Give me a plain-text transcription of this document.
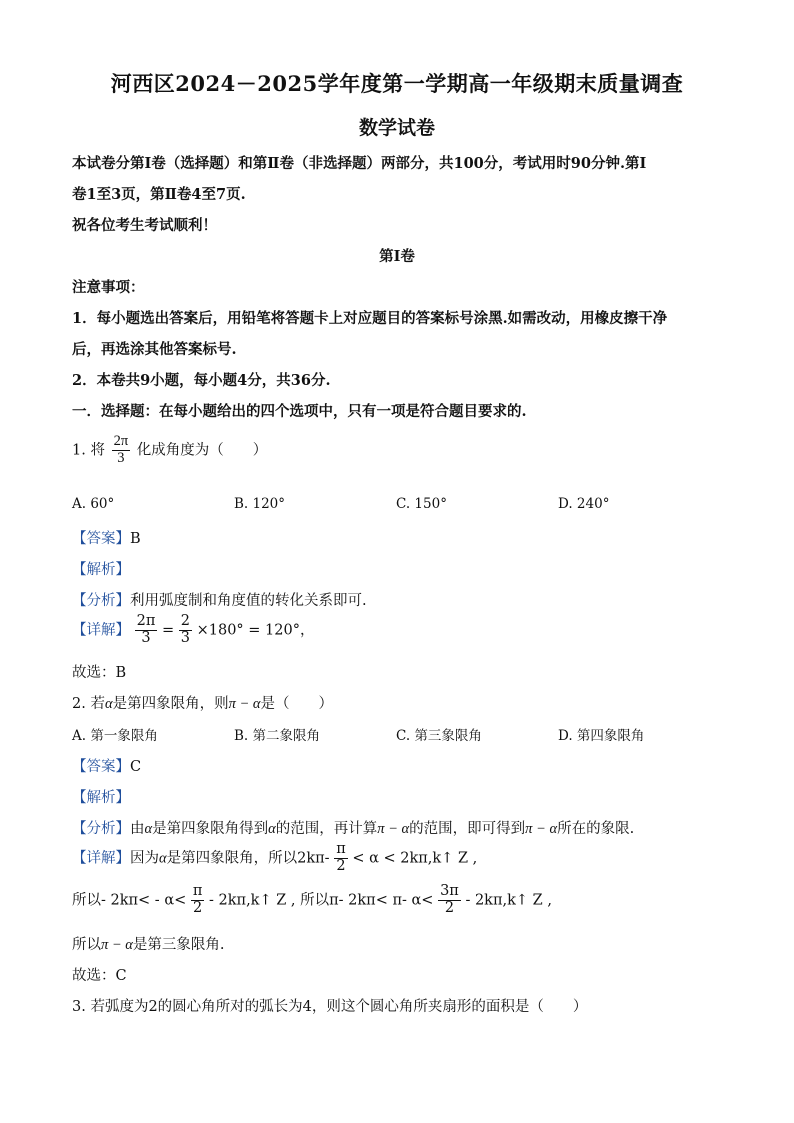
河西区2024－2025学年度第一学期高一年级期末质量调查
数学试卷
本试卷分第Ⅰ卷（选择题）和第Ⅱ卷（非选择题）两部分，共100分，考试用时90分钟.第Ⅰ
卷1至3页，第Ⅱ卷4至7页.
祝各位考生考试顺利！
第Ⅰ卷
注意事项：
1．每小题选出答案后，用铅笔将答题卡上对应题目的答案标号涂黑.如需改动，用橡皮擦干净
后，再选涂其他答案标号.
2．本卷共9小题，每小题4分，共36分.
一．选择题：在每小题给出的四个选项中，只有一项是符合题目要求的.
1. 将 $\frac{2\pi}{3}$ 化成角度为（　　）
A. 60°	B. 120°	C. 150°	D. 240°
【答案】B
【解析】
【分析】利用弧度制和角度值的转化关系即可.
【详解】 $\frac{2\pi}{3} = \frac{2}{3} \times 180^\circ = 120^\circ$，
故选：B
2. 若α是第四象限角，则π − α是（　　）
A. 第一象限角	B. 第二象限角	C. 第三象限角	D. 第四象限角
【答案】C
【解析】
【分析】由α是第四象限角得到α的范围，再计算π − α的范围，即可得到π − α所在的象限.
【详解】因为α是第四象限角，所以$2k\pi- \frac{\pi}{2} < \alpha$ < 2kπ,k↑ Z ,
所以- $2k\pi< - \alpha< \frac{\pi}{2}$ - 2kπ,k↑ Z , 所以π- 2kπ< π- $\alpha< \frac{3\pi}{2}$ - 2kπ,k↑ Z ,
所以π − α是第三象限角.
故选：C
3. 若弧度为2的圆心角所对的弧长为4，则这个圆心角所夹扇形的面积是（　　）
